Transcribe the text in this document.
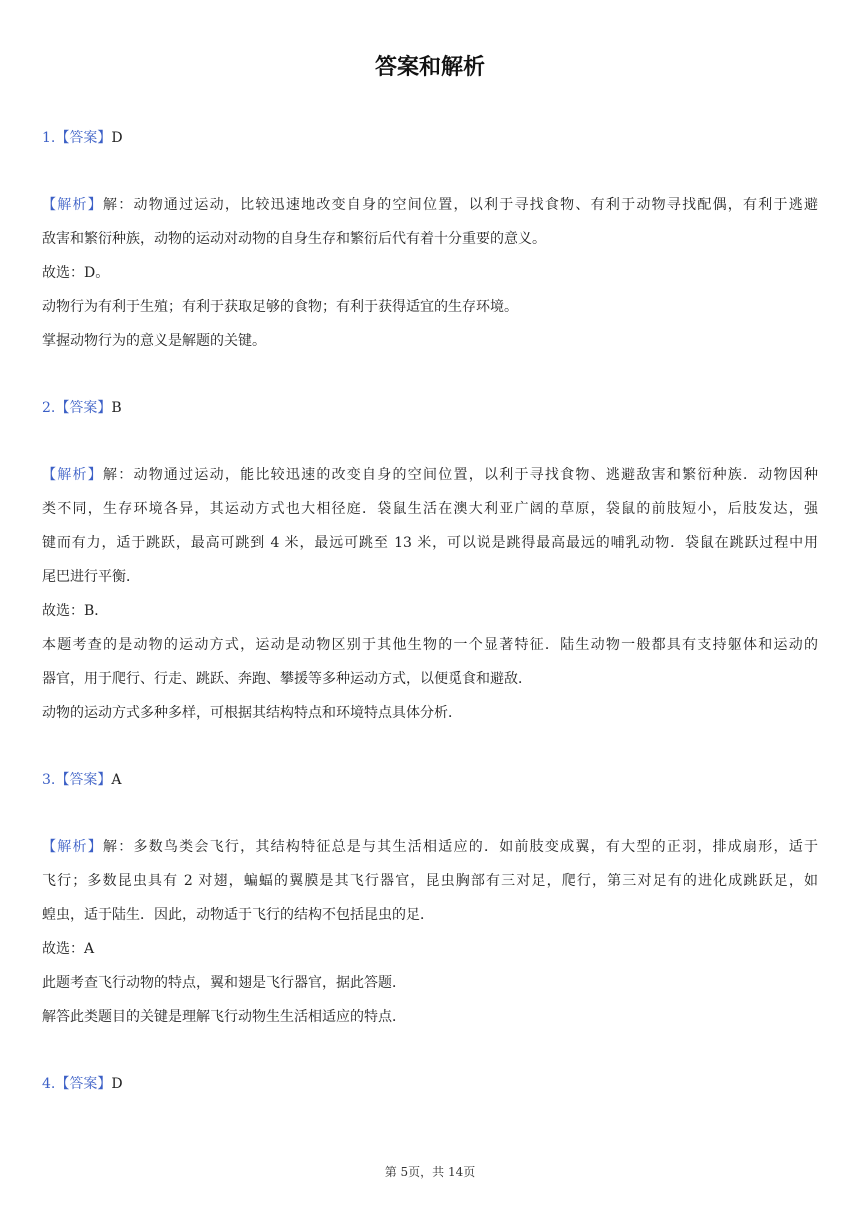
答案和解析
1.【答案】D
【解析】解：动物通过运动，比较迅速地改变自身的空间位置，以利于寻找食物、有利于动物寻找配偶，有利于逃避
敌害和繁衍种族，动物的运动对动物的自身生存和繁衍后代有着十分重要的意义。
故选：D。
动物行为有利于生殖；有利于获取足够的食物；有利于获得适宜的生存环境。
掌握动物行为的意义是解题的关键。
2.【答案】B
【解析】解：动物通过运动，能比较迅速的改变自身的空间位置，以利于寻找食物、逃避敌害和繁衍种族．动物因种
类不同，生存环境各异，其运动方式也大相径庭．袋鼠生活在澳大利亚广阔的草原，袋鼠的前肢短小，后肢发达，强
键而有力，适于跳跃，最高可跳到 4 米，最远可跳至 13 米，可以说是跳得最高最远的哺乳动物．袋鼠在跳跃过程中用
尾巴进行平衡．
故选：B．
本题考查的是动物的运动方式，运动是动物区别于其他生物的一个显著特征．陆生动物一般都具有支持躯体和运动的
器官，用于爬行、行走、跳跃、奔跑、攀援等多种运动方式，以便觅食和避敌．
动物的运动方式多种多样，可根据其结构特点和环境特点具体分析．
3.【答案】A
【解析】解：多数鸟类会飞行，其结构特征总是与其生活相适应的．如前肢变成翼，有大型的正羽，排成扇形，适于
飞行；多数昆虫具有 2 对翅，蝙蝠的翼膜是其飞行器官，昆虫胸部有三对足，爬行，第三对足有的进化成跳跃足，如
蝗虫，适于陆生．因此，动物适于飞行的结构不包括昆虫的足．
故选：A
此题考查飞行动物的特点，翼和翅是飞行器官，据此答题．
解答此类题目的关键是理解飞行动物生生活相适应的特点．
4.【答案】D
第 5页，共 14页
